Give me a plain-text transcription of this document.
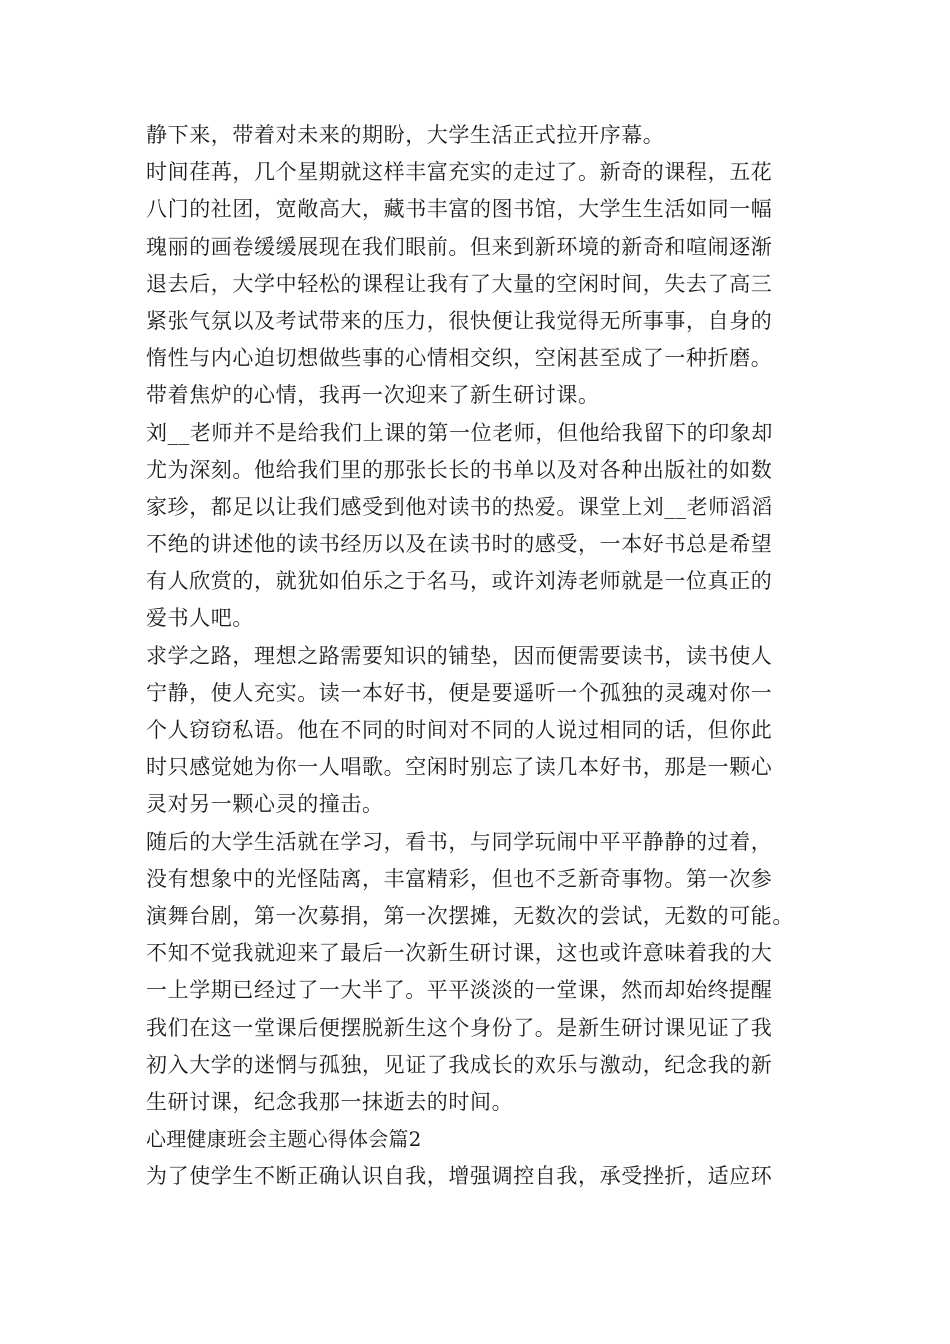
静下来，带着对未来的期盼，大学生活正式拉开序幕。
时间荏苒，几个星期就这样丰富充实的走过了。新奇的课程，五花
八门的社团，宽敞高大，藏书丰富的图书馆，大学生生活如同一幅
瑰丽的画卷缓缓展现在我们眼前。但来到新环境的新奇和喧闹逐渐
退去后，大学中轻松的课程让我有了大量的空闲时间，失去了高三
紧张气氛以及考试带来的压力，很快便让我觉得无所事事，自身的
惰性与内心迫切想做些事的心情相交织，空闲甚至成了一种折磨。
带着焦炉的心情，我再一次迎来了新生研讨课。
刘__老师并不是给我们上课的第一位老师，但他给我留下的印象却
尤为深刻。他给我们里的那张长长的书单以及对各种出版社的如数
家珍，都足以让我们感受到他对读书的热爱。课堂上刘__老师滔滔
不绝的讲述他的读书经历以及在读书时的感受，一本好书总是希望
有人欣赏的，就犹如伯乐之于名马，或许刘涛老师就是一位真正的
爱书人吧。
求学之路，理想之路需要知识的铺垫，因而便需要读书，读书使人
宁静，使人充实。读一本好书，便是要遥听一个孤独的灵魂对你一
个人窃窃私语。他在不同的时间对不同的人说过相同的话，但你此
时只感觉她为你一人唱歌。空闲时别忘了读几本好书，那是一颗心
灵对另一颗心灵的撞击。
随后的大学生活就在学习，看书，与同学玩闹中平平静静的过着，
没有想象中的光怪陆离，丰富精彩，但也不乏新奇事物。第一次参
演舞台剧，第一次募捐，第一次摆摊，无数次的尝试，无数的可能。
不知不觉我就迎来了最后一次新生研讨课，这也或许意味着我的大
一上学期已经过了一大半了。平平淡淡的一堂课，然而却始终提醒
我们在这一堂课后便摆脱新生这个身份了。是新生研讨课见证了我
初入大学的迷惘与孤独，见证了我成长的欢乐与激动，纪念我的新
生研讨课，纪念我那一抹逝去的时间。
心理健康班会主题心得体会篇2
为了使学生不断正确认识自我，增强调控自我，承受挫折，适应环
